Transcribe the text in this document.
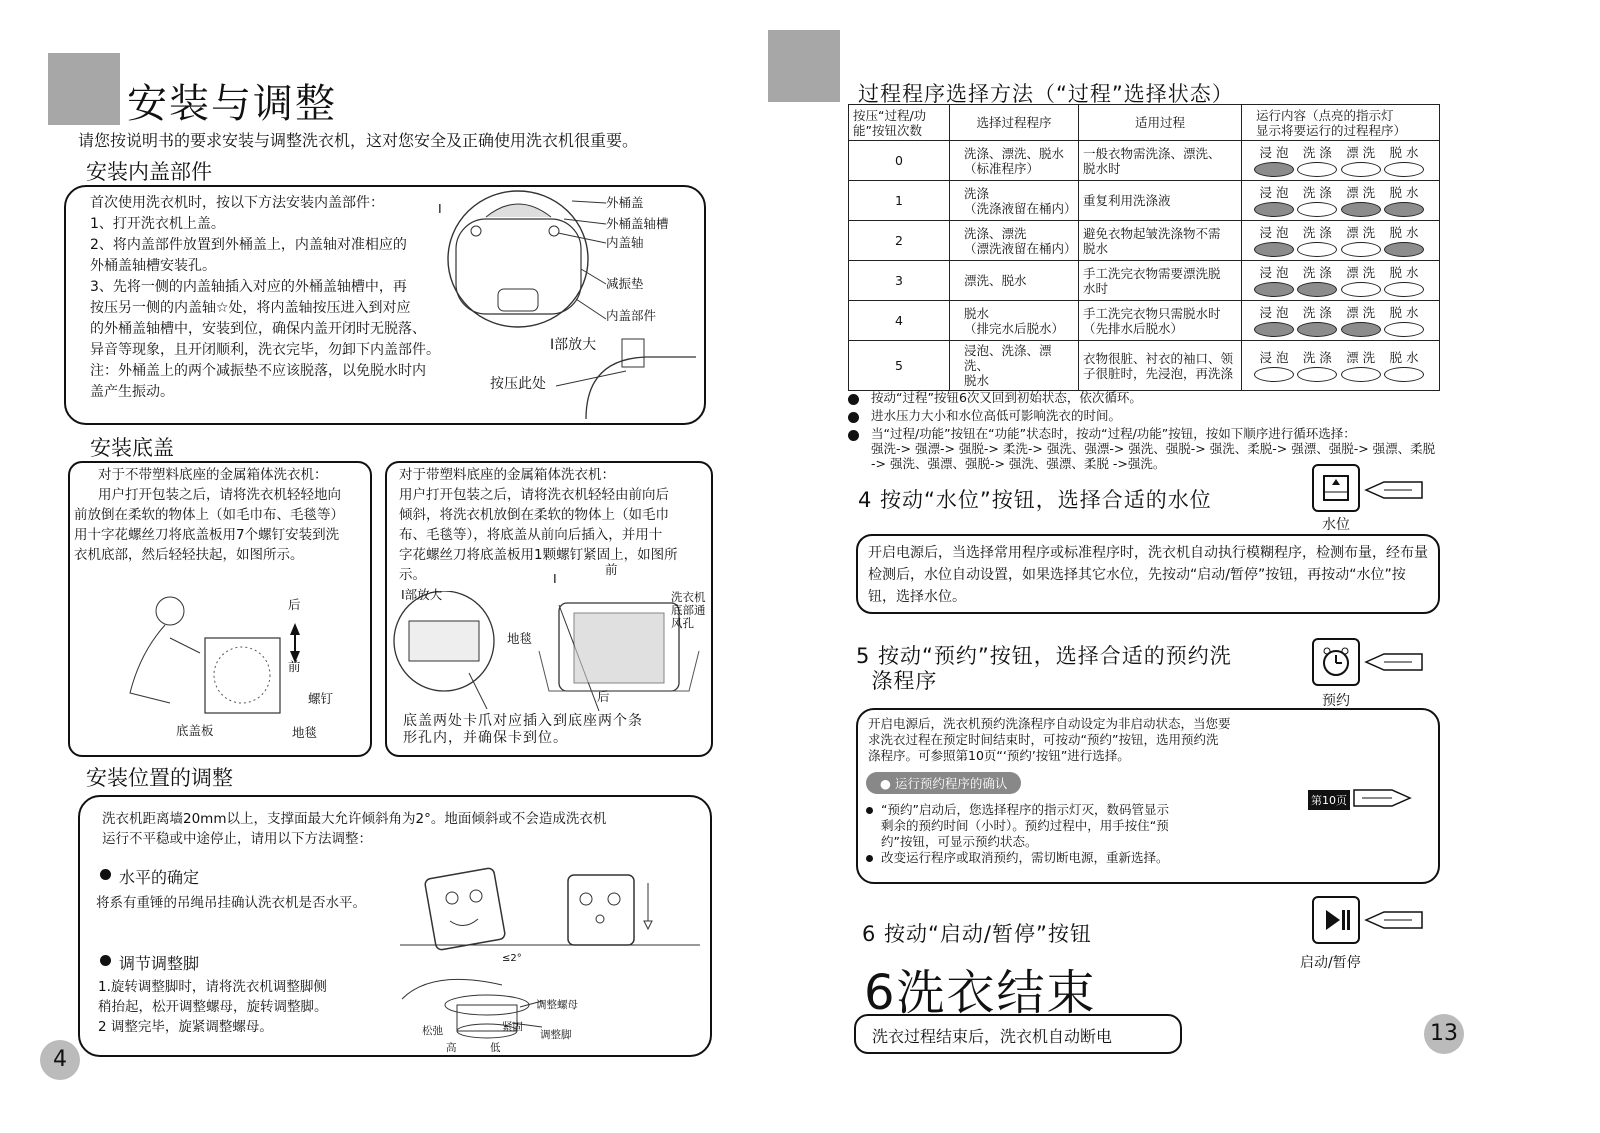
安装与调整
请您按说明书的要求安装与调整洗衣机，这对您安全及正确使用洗衣机很重要。
安装内盖部件
首次使用洗衣机时，按以下方法安装内盖部件：
1、打开洗衣机上盖。
2、将内盖部件放置到外桶盖上，内盖轴对准相应的
外桶盖轴槽安装孔。
3、先将一侧的内盖轴插入对应的外桶盖轴槽中，再
按压另一侧的内盖轴☆处，将内盖轴按压进入到对应
的外桶盖轴槽中，安装到位，确保内盖开闭时无脱落、
异音等现象，且开闭顺利，洗衣完毕，勿卸下内盖部件。
注：外桶盖上的两个减振垫不应该脱落，以免脱水时内
盖产生振动。
外桶盖
外桶盖轴槽
内盖轴
减振垫
内盖部件
I
I部放大
按压此处
安装底盖
对于不带塑料底座的金属箱体洗衣机：
用户打开包装之后，请将洗衣机轻轻地向
前放倒在柔软的物体上（如毛巾布、毛毯等）
用十字花螺丝刀将底盖板用7个螺钉安装到洗
衣机底部，然后轻轻扶起，如图所示。
后
前
螺钉
底盖板	地毯
对于带塑料底座的金属箱体洗衣机：
用户打开包装之后，请将洗衣机轻轻由前向后
倾斜，将洗衣机放倒在柔软的物体上（如毛巾
布、毛毯等），将底盖从前向后插入，并用十
字花螺丝刀将底盖板用1颗螺钉紧固上，如图所
示。
I部放大
I
前
地毯
后
洗衣机
底部通
风孔
底盖两处卡爪对应插入到底座两个条
形孔内，并确保卡到位。
安装位置的调整
洗衣机距离墙20mm以上，支撑面最大允许倾斜角为2°。地面倾斜或不会造成洗衣机
运行不平稳或中途停止，请用以下方法调整：
水平的确定
将系有重锤的吊绳吊挂确认洗衣机是否水平。
≤2°
调节调整脚
1.旋转调整脚时，请将洗衣机调整脚侧
稍抬起，松开调整螺母，旋转调整脚。
2 调整完毕，旋紧调整螺母。
调整螺母
紧固
松弛	调整脚
高	低
4
过程程序选择方法（“过程”选择状态）
按压“过程/功
能”按钮次数	选择过程程序	适用过程	运行内容（点亮的指示灯
显示将要运行的过程程序）
0	洗涤、漂洗、脱水
（标准程序）	一般衣物需洗涤、漂洗、
脱水时	浸 泡 洗 涤 漂 洗 脱 水

1	洗涤
（洗涤液留在桶内）	重复利用洗涤液	浸 泡 洗 涤 漂 洗 脱 水

2	洗涤、漂洗
（漂洗液留在桶内）	避免衣物起皱洗涤物不需
脱水	浸 泡 洗 涤 漂 洗 脱 水

3	漂洗、脱水	手工洗完衣物需要漂洗脱
水时	浸 泡 洗 涤 漂 洗 脱 水

4	脱水
（排完水后脱水）	手工洗完衣物只需脱水时
（先排水后脱水）	浸 泡 洗 涤 漂 洗 脱 水

5	浸泡、洗涤、漂洗、
脱水	衣物很脏、衬衣的袖口、领
子很脏时，先浸泡，再洗涤	浸 泡 洗 涤 漂 洗 脱 水
按动“过程”按钮6次又回到初始状态，依次循环。
进水压力大小和水位高低可影响洗衣的时间。
当“过程/功能”按钮在“功能”状态时，按动“过程/功能”按钮，按如下顺序进行循环选择：
强洗-> 强漂-> 强脱-> 柔洗-> 强洗、强漂-> 强洗、强脱-> 强洗、柔脱-> 强漂、强脱-> 强漂、柔脱
-> 强洗、强漂、强脱-> 强洗、强漂、柔脱 ->强洗。
4 按动“水位”按钮，选择合适的水位
水位
开启电源后，当选择常用程序或标准程序时，洗衣机自动执行模糊程序，检测布量，经布量检测后，水位自动设置，如果选择其它水位，先按动“启动/暂停”按钮，再按动“水位”按钮，选择水位。
5 按动“预约”按钮，选择合适的预约洗
涤程序
预约
开启电源后，洗衣机预约洗涤程序自动设定为非启动状态，当您要
求洗衣过程在预定时间结束时，可按动“预约”按钮，选用预约洗
涤程序。可参照第10页“‘预约’按钮”进行选择。
● 运行预约程序的确认
“预约”启动后，您选择程序的指示灯灭，数码管显示
剩余的预约时间（小时）。预约过程中，用手按住“预
约”按钮，可显示预约状态。
改变运行程序或取消预约，需切断电源，重新选择。
第10页
6 按动“启动/暂停”按钮
启动/暂停
6洗衣结束
洗衣过程结束后，洗衣机自动断电	13
